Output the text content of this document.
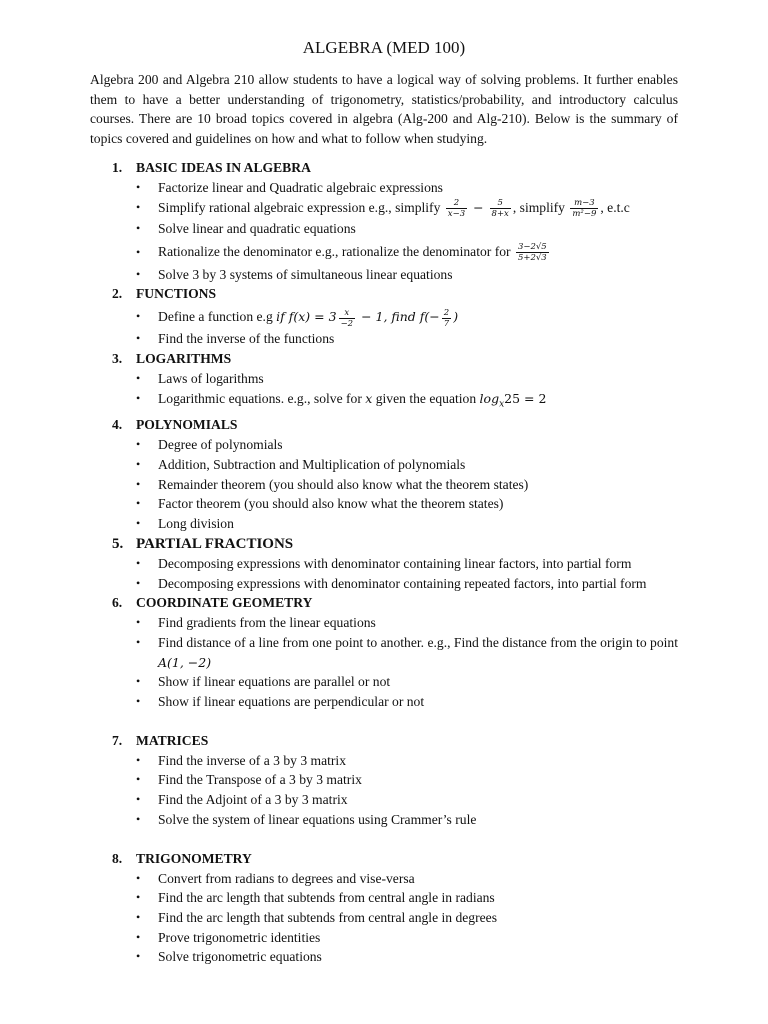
ALGEBRA (MED 100)

Algebra 200 and Algebra 210 allow students to have a logical way of solving problems. It further enables them to have a better understanding of trigonometry, statistics/probability, and introductory calculus courses. There are 10 broad topics covered in algebra (Alg-200 and Alg-210). Below is the summary of topics covered and guidelines on how and what to follow when studying.

1. BASIC IDEAS IN ALGEBRA
• Factorize linear and Quadratic algebraic expressions
• Simplify rational algebraic expression e.g., simplify $\frac{2}{x-3} - \frac{5}{8+x}$ , simplify $\frac{m-3}{\text{m²−9}}$ , e.t.c
• Solve linear and quadratic equations
• Rationalize the denominator e.g., rationalize the denominator for $\frac{3-2√5}{5+2√3}$
• Solve 3 by 3 systems of simultaneous linear equations
2. FUNCTIONS
• Define a function e.g if $f(x) = 3 \frac{x}{-2} - 1$, find $f(- \frac{2}{7}$ )
• Find the inverse of the functions
3. LOGARITHMS
• Laws of logarithms
• Logarithmic equations. e.g., solve for x given the equation $\log_x25 = 2$
4. POLYNOMIALS
• Degree of polynomials
• Addition, Subtraction and Multiplication of polynomials
• Remainder theorem (you should also know what the theorem states)
• Factor theorem (you should also know what the theorem states)
• Long division
5. PARTIAL FRACTIONS
• Decomposing expressions with denominator containing linear factors, into partial form
• Decomposing expressions with denominator containing repeated factors, into partial form
6. COORDINATE GEOMETRY
• Find gradients from the linear equations
• Find distance of a line from one point to another. e.g., Find the distance from the origin to point A(1, −2)
• Show if linear equations are parallel or not
• Show if linear equations are perpendicular or not
7. MATRICES
• Find the inverse of a 3 by 3 matrix
• Find the Transpose of a 3 by 3 matrix
• Find the Adjoint of a 3 by 3 matrix
• Solve the system of linear equations using Crammer’s rule
8. TRIGONOMETRY
• Convert from radians to degrees and vise-versa
• Find the arc length that subtends from central angle in radians
• Find the arc length that subtends from central angle in degrees
• Prove trigonometric identities
• Solve trigonometric equations
